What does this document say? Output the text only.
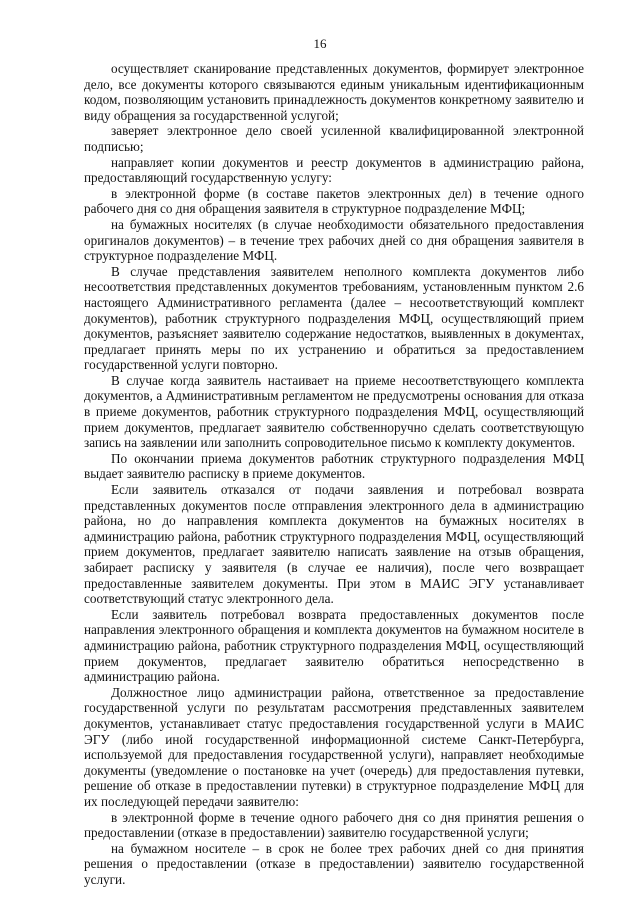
16

осуществляет сканирование представленных документов, формирует электронное дело, все документы которого связываются единым уникальным идентификационным кодом, позволяющим установить принадлежность документов конкретному заявителю и виду обращения за государственной услугой;

заверяет электронное дело своей усиленной квалифицированной электронной подписью;

направляет копии документов и реестр документов в администрацию района, предоставляющий государственную услугу:

в электронной форме (в составе пакетов электронных дел) в течение одного рабочего дня со дня обращения заявителя в структурное подразделение МФЦ;

на бумажных носителях (в случае необходимости обязательного предоставления оригиналов документов) – в течение трех рабочих дней со дня обращения заявителя в структурное подразделение МФЦ.

В случае представления заявителем неполного комплекта документов либо несоответствия представленных документов требованиям, установленным пунктом 2.6 настоящего Административного регламента (далее – несоответствующий комплект документов), работник структурного подразделения МФЦ, осуществляющий прием документов, разъясняет заявителю содержание недостатков, выявленных в документах, предлагает принять меры по их устранению и обратиться за предоставлением государственной услуги повторно.

В случае когда заявитель настаивает на приеме несоответствующего комплекта документов, а Административным регламентом не предусмотрены основания для отказа в приеме документов, работник структурного подразделения МФЦ, осуществляющий прием документов, предлагает заявителю собственноручно сделать соответствующую запись на заявлении или заполнить сопроводительное письмо к комплекту документов.

По окончании приема документов работник структурного подразделения МФЦ выдает заявителю расписку в приеме документов.

Если заявитель отказался от подачи заявления и потребовал возврата представленных документов после отправления электронного дела в администрацию района, но до направления комплекта документов на бумажных носителях в администрацию района, работник структурного подразделения МФЦ, осуществляющий прием документов, предлагает заявителю написать заявление на отзыв обращения, забирает расписку у заявителя (в случае ее наличия), после чего возвращает предоставленные заявителем документы. При этом в МАИС ЭГУ устанавливает соответствующий статус электронного дела.

Если заявитель потребовал возврата предоставленных документов после направления электронного обращения и комплекта документов на бумажном носителе в администрацию района, работник структурного подразделения МФЦ, осуществляющий прием документов, предлагает заявителю обратиться непосредственно в администрацию района.

Должностное лицо администрации района, ответственное за предоставление государственной услуги по результатам рассмотрения представленных заявителем документов, устанавливает статус предоставления государственной услуги в МАИС ЭГУ (либо иной государственной информационной системе Санкт-Петербурга, используемой для предоставления государственной услуги), направляет необходимые документы (уведомление о постановке на учет (очередь) для предоставления путевки, решение об отказе в предоставлении путевки) в структурное подразделение МФЦ для их последующей передачи заявителю:

в электронной форме в течение одного рабочего дня со дня принятия решения о предоставлении (отказе в предоставлении) заявителю государственной услуги;

на бумажном носителе – в срок не более трех рабочих дней со дня принятия решения о предоставлении (отказе в предоставлении) заявителю государственной услуги.
